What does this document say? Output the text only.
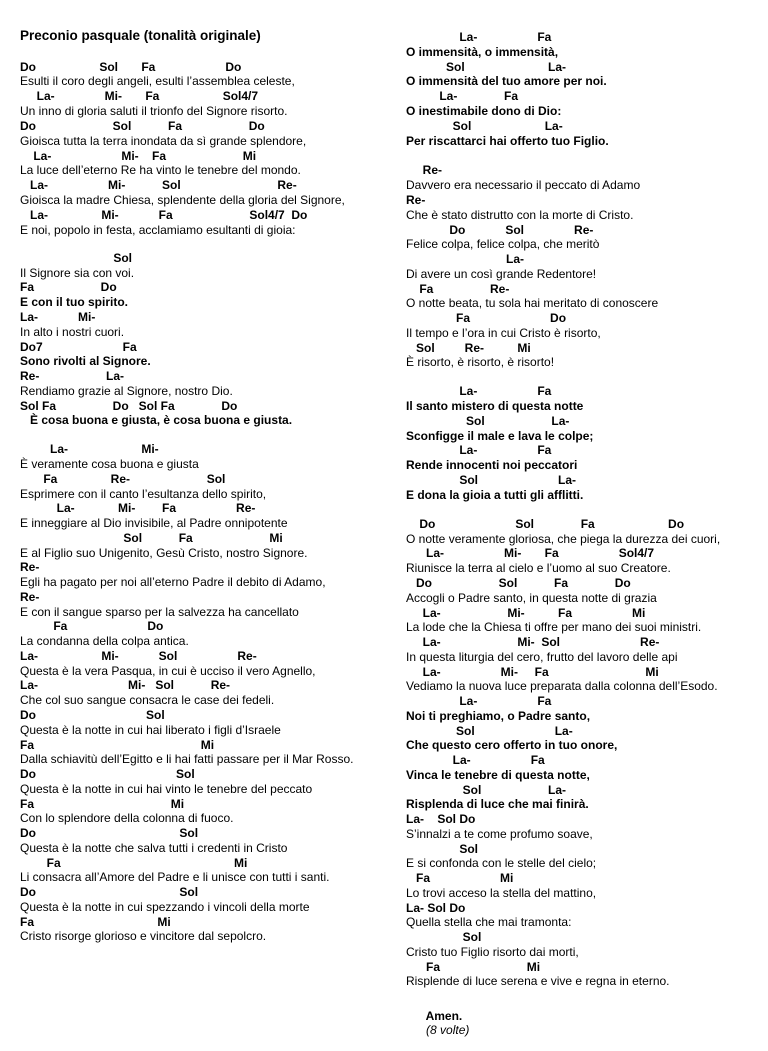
Preconio pasquale (tonalità originale)
Do                   Sol       Fa                     Do
Esulti il coro degli angeli, esulti l’assemblea celeste,
La-               Mi-       Fa                   Sol4/7
Un inno di gloria saluti il trionfo del Signore risorto.
Do                       Sol           Fa                    Do
Gioisca tutta la terra inondata da sì grande splendore,
La-                     Mi-    Fa                       Mi
La luce dell’eterno Re ha vinto le tenebre del mondo.
La-                  Mi-           Sol                             Re-
Gioisca la madre Chiesa, splendente della gloria del Signore,
La-                Mi-            Fa                       Sol4/7  Do
E noi, popolo in festa, acclamiamo esultanti di gioia:
Sol
Il Signore sia con voi.
Fa                    Do
E con il tuo spirito.
La-            Mi-
In alto i nostri cuori.
Do7                        Fa
Sono rivolti al Signore.
Re-                    La-
Rendiamo grazie al Signore, nostro Dio.
Sol Fa                 Do   Sol Fa              Do
È cosa buona e giusta, è cosa buona e giusta.
La-                      Mi-
È veramente cosa buona e giusta
Fa                Re-                       Sol
Esprimere con il canto l’esultanza dello spirito,
La-             Mi-        Fa                  Re-
E inneggiare al Dio invisibile, al Padre onnipotente
Sol           Fa                       Mi
E al Figlio suo Unigenito, Gesù Cristo, nostro Signore.
Re-
Egli ha pagato per noi all’eterno Padre il debito di Adamo,
Re-
E con il sangue sparso per la salvezza ha cancellato
Fa                        Do
La condanna della colpa antica.
La-                   Mi-            Sol                  Re-
Questa è la vera Pasqua, in cui è ucciso il vero Agnello,
La-                           Mi-   Sol           Re-
Che col suo sangue consacra le case dei fedeli.
Do                                 Sol
Questa è la notte in cui hai liberato i figli d’Israele
Fa                                                  Mi
Dalla schiavitù dell’Egitto e li hai fatti passare per il Mar Rosso.
Do                                          Sol
Questa è la notte in cui hai vinto le tenebre del peccato
Fa                                         Mi
Con lo splendore della colonna di fuoco.
Do                                           Sol
Questa è la notte che salva tutti i credenti in Cristo
Fa                                                    Mi
Li consacra all’Amore del Padre e li unisce con tutti i santi.
Do                                           Sol
Questa è la notte in cui spezzando i vincoli della morte
Fa                                     Mi
Cristo risorge glorioso e vincitore dal sepolcro.

Amen.
(8 volte)

La-                  Fa
O immensità, o immensità,
Sol                         La-
O immensità del tuo amore per noi.
La-              Fa
O inestimabile dono di Dio:
Sol                      La-
Per riscattarci hai offerto tuo Figlio.
Re-
Davvero era necessario il peccato di Adamo
Re-
Che è stato distrutto con la morte di Cristo.
Do            Sol               Re-
Felice colpa, felice colpa, che meritò
La-
Di avere un così grande Redentore!
Fa                 Re-
O notte beata, tu sola hai meritato di conoscere
Fa                        Do
Il tempo e l’ora in cui Cristo è risorto,
Sol         Re-          Mi
È risorto, è risorto, è risorto!
La-                  Fa
Il santo mistero di questa notte
Sol                    La-
Sconfigge il male e lava le colpe;
La-                  Fa
Rende innocenti noi peccatori
Sol                        La-
E dona la gioia a tutti gli afflitti.
Do                        Sol              Fa                      Do
O notte veramente gloriosa, che piega la durezza dei cuori,
La-                  Mi-       Fa                  Sol4/7
Riunisce la terra al cielo e l’uomo al suo Creatore.
Do                    Sol           Fa              Do
Accogli o Padre santo, in questa notte di grazia
La-                    Mi-          Fa                  Mi
La lode che la Chiesa ti offre per mano dei suoi ministri.
La-                       Mi-  Sol                        Re-
In questa liturgia del cero, frutto del lavoro delle api
La-                  Mi-     Fa                             Mi
Vediamo la nuova luce preparata dalla colonna dell’Esodo.
La-                  Fa
Noi ti preghiamo, o Padre santo,
Sol                        La-
Che questo cero offerto in tuo onore,
La-                  Fa
Vinca le tenebre di questa notte,
Sol                    La-
Risplenda di luce che mai finirà.
La-    Sol Do
S’innalzi a te come profumo soave,
Sol
E si confonda con le stelle del cielo;
Fa                     Mi
Lo trovi acceso la stella del mattino,
La- Sol Do
Quella stella che mai tramonta:
Sol
Cristo tuo Figlio risorto dai morti,
Fa                          Mi
Risplende di luce serena e vive e regna in eterno.
